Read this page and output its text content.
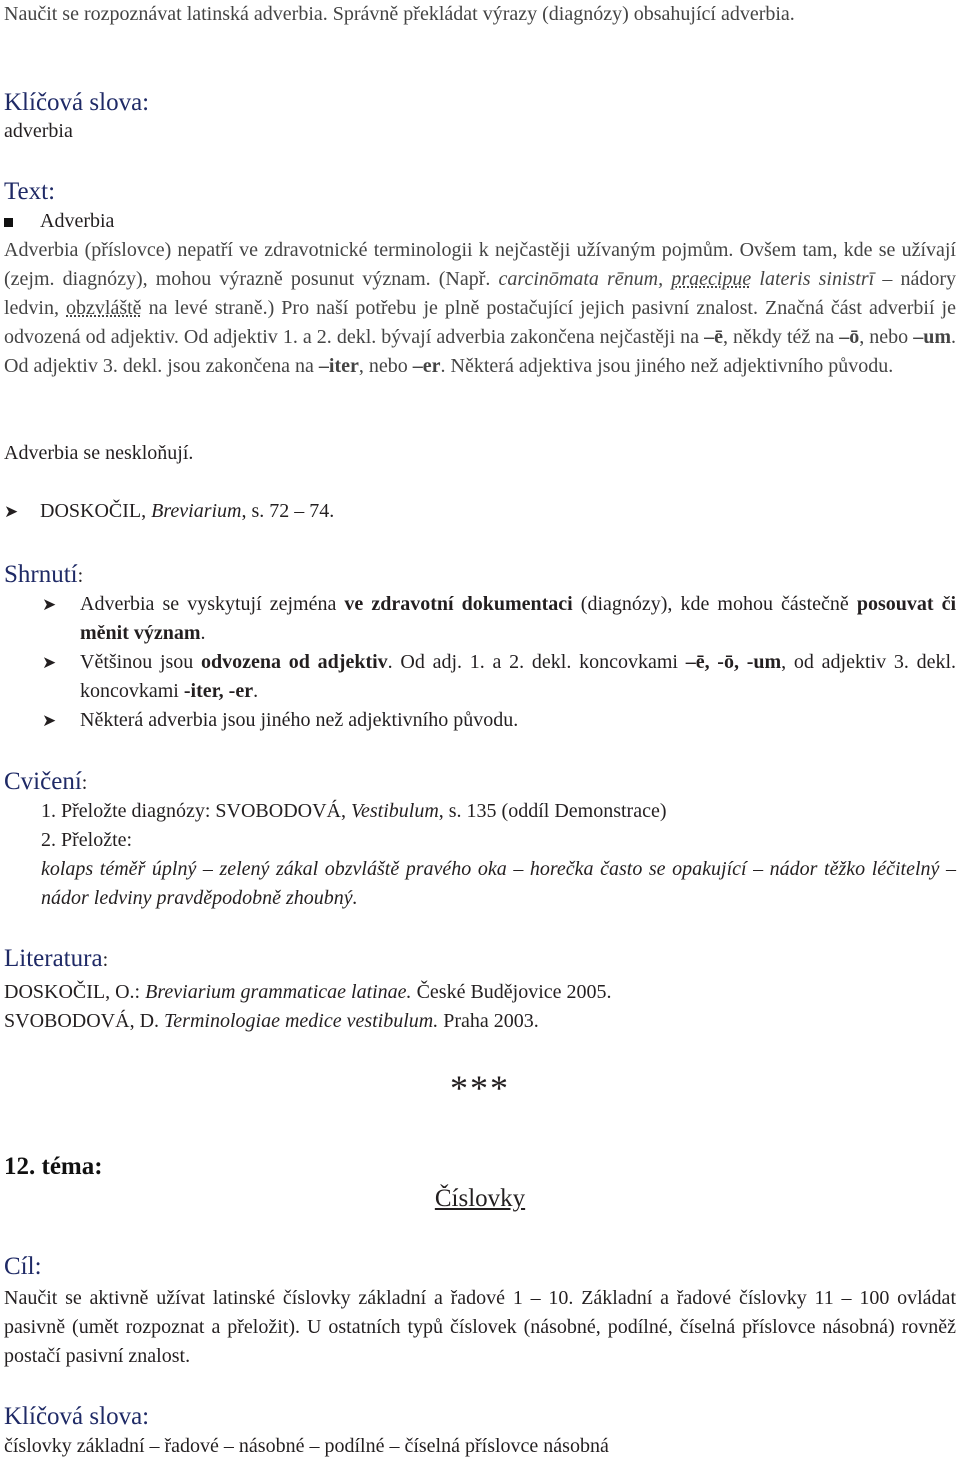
Naučit se rozpoznávat latinská adverbia. Správně překládat výrazy (diagnózy) obsahující adverbia.

Klíčová slova:

adverbia

Text:

Adverbia

Adverbia (příslovce) nepatří ve zdravotnické terminologii k nejčastěji užívaným pojmům. Ovšem tam, kde se užívají (zejm. diagnózy), mohou výrazně posunut význam. (Např. carcinōmata rēnum, praecipue lateris sinistrī – nádory ledvin, obzvláště na levé straně.) Pro naší potřebu je plně postačující jejich pasivní znalost. Značná část adverbií je odvozená od adjektiv. Od adjektiv 1. a 2. dekl. bývají adverbia zakončena nejčastěji na –ē, někdy též na –ō, nebo –um. Od adjektiv 3. dekl. jsou zakončena na –iter, nebo –er. Některá adjektiva jsou jiného než adjektivního původu.

Adverbia se neskloňují.

➤ DOSKOČIL, Breviarium, s. 72 – 74.

Shrnutí:
➤ Adverbia se vyskytují zejména ve zdravotní dokumentaci (diagnózy), kde mohou částečně posouvat či měnit význam.

➤ Většinou jsou odvozena od adjektiv. Od adj. 1. a 2. dekl. koncovkami –ē, -ō, -um, od adjektiv 3. dekl. koncovkami -iter, -er.

➤ Některá adverbia jsou jiného než adjektivního původu.

Cvičení:

1. Přeložte diagnózy: SVOBODOVÁ, Vestibulum, s. 135 (oddíl Demonstrace)

2. Přeložte:

kolaps téměř úplný – zelený zákal obzvláště pravého oka – horečka často se opakující – nádor těžko léčitelný – nádor ledviny pravděpodobně zhoubný.

Literatura:

DOSKOČIL, O.: Breviarium grammaticae latinae. České Budějovice 2005.

SVOBODOVÁ, D. Terminologiae medice vestibulum. Praha 2003.

***
12. téma:
Číslovky
Cíl:

Naučit se aktivně užívat latinské číslovky základní a řadové 1 – 10. Základní a řadové číslovky 11 – 100 ovládat pasivně (umět rozpoznat a přeložit). U ostatních typů číslovek (násobné, podílné, číselná příslovce násobná) rovněž postačí pasivní znalost.

Klíčová slova:

číslovky základní – řadové – násobné – podílné – číselná příslovce násobná
